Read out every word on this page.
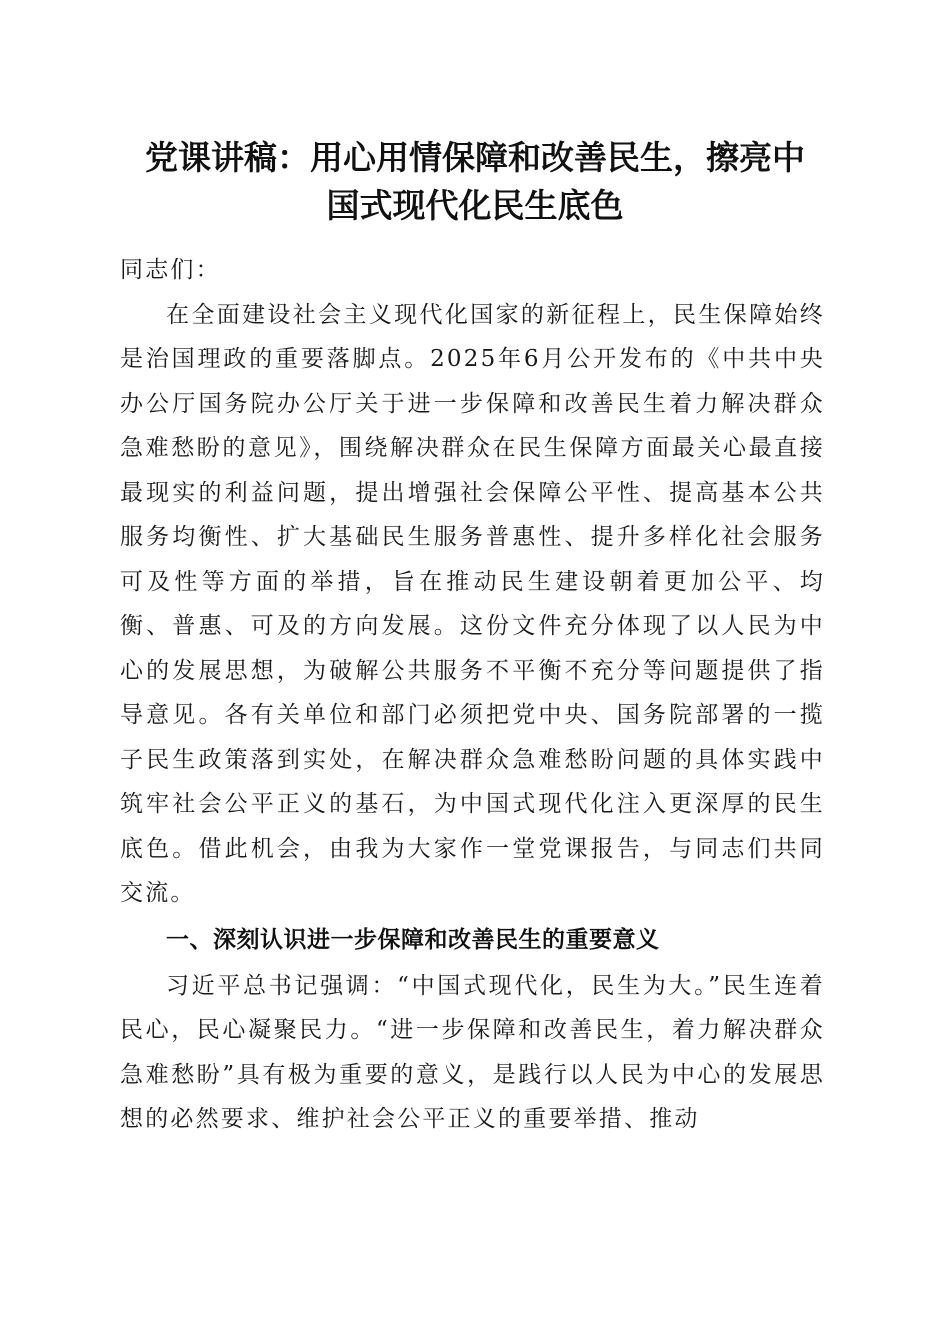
党课讲稿：用心用情保障和改善民生，擦亮中
国式现代化民生底色

同志们：

在全面建设社会主义现代化国家的新征程上，民生保障始终是治国理政的重要落脚点。2025年6月公开发布的《中共中央办公厅国务院办公厅关于进一步保障和改善民生着力解决群众急难愁盼的意见》，围绕解决群众在民生保障方面最关心最直接最现实的利益问题，提出增强社会保障公平性、提高基本公共服务均衡性、扩大基础民生服务普惠性、提升多样化社会服务可及性等方面的举措，旨在推动民生建设朝着更加公平、均衡、普惠、可及的方向发展。这份文件充分体现了以人民为中心的发展思想，为破解公共服务不平衡不充分等问题提供了指导意见。各有关单位和部门必须把党中央、国务院部署的一揽子民生政策落到实处，在解决群众急难愁盼问题的具体实践中筑牢社会公平正义的基石，为中国式现代化注入更深厚的民生底色。借此机会，由我为大家作一堂党课报告，与同志们共同交流。

一、深刻认识进一步保障和改善民生的重要意义

习近平总书记强调：“中国式现代化，民生为大。”民生连着民心，民心凝聚民力。“进一步保障和改善民生，着力解决群众急难愁盼”具有极为重要的意义，是践行以人民为中心的发展思想的必然要求、维护社会公平正义的重要举措、推动
